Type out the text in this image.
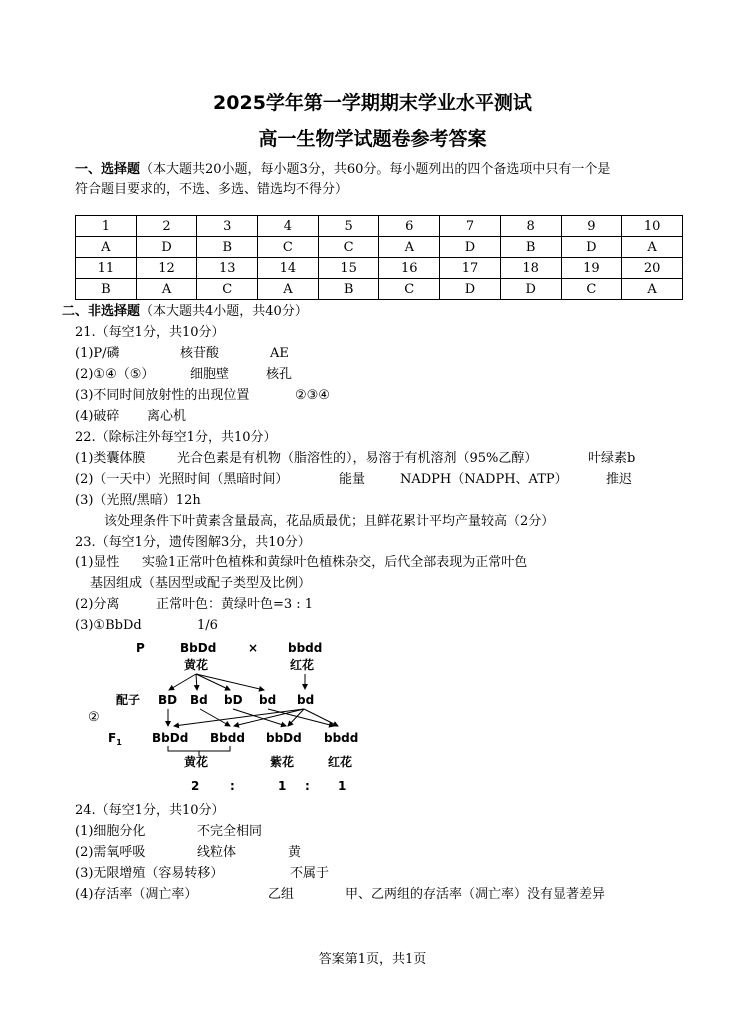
2025学年第一学期期末学业水平测试
高一生物学试题卷参考答案
一、选择题（本大题共20小题，每小题3分，共60分。每小题列出的四个备选项中只有一个是
符合题目要求的，不选、多选、错选均不得分）
1	2	3	4	5	6	7	8	9	10
A	D	B	C	C	A	D	B	D	A
11	12	13	14	15	16	17	18	19	20
B	A	C	A	B	C	D	D	C	A
二、非选择题（本大题共4小题，共40分）
21.（每空1分，共10分）
(1)P/磷	核苷酸	AE
(2)①④（⑤）	细胞壁	核孔
(3)不同时间放射性的出现位置	②③④
(4)破碎 离心机
22.（除标注外每空1分，共10分）
(1)类囊体膜 光合色素是有机物（脂溶性的），易溶于有机溶剂（95%乙醇）	叶绿素b
(2)（一天中）光照时间（黑暗时间）	能量	NADPH（NADPH、ATP）	推迟
(3)（光照/黑暗）12h
该处理条件下叶黄素含量最高，花品质最优；且鲜花累计平均产量较高（2分）
23.（每空1分，遗传图解3分，共10分）
(1)显性 实验1正常叶色植株和黄绿叶色植株杂交，后代全部表现为正常叶色
基因组成（基因型或配子类型及比例）
(2)分离	正常叶色：黄绿叶色=3 : 1
(3)①BbDd	1/6
②
P	BbDd	× bbdd
黄花	红花
配子 BD Bd bD bd bd
$F_1$	BbDd Bbdd bbDd bbdd
黄花	紫花	红花
2	:	1 : 1
24.（每空1分，共10分）
(1)细胞分化	不完全相同
(2)需氧呼吸	线粒体	黄
(3)无限增殖（容易转移）	不属于
(4)存活率（凋亡率）	乙组	甲、乙两组的存活率（凋亡率）没有显著差异
答案第1页，共1页
